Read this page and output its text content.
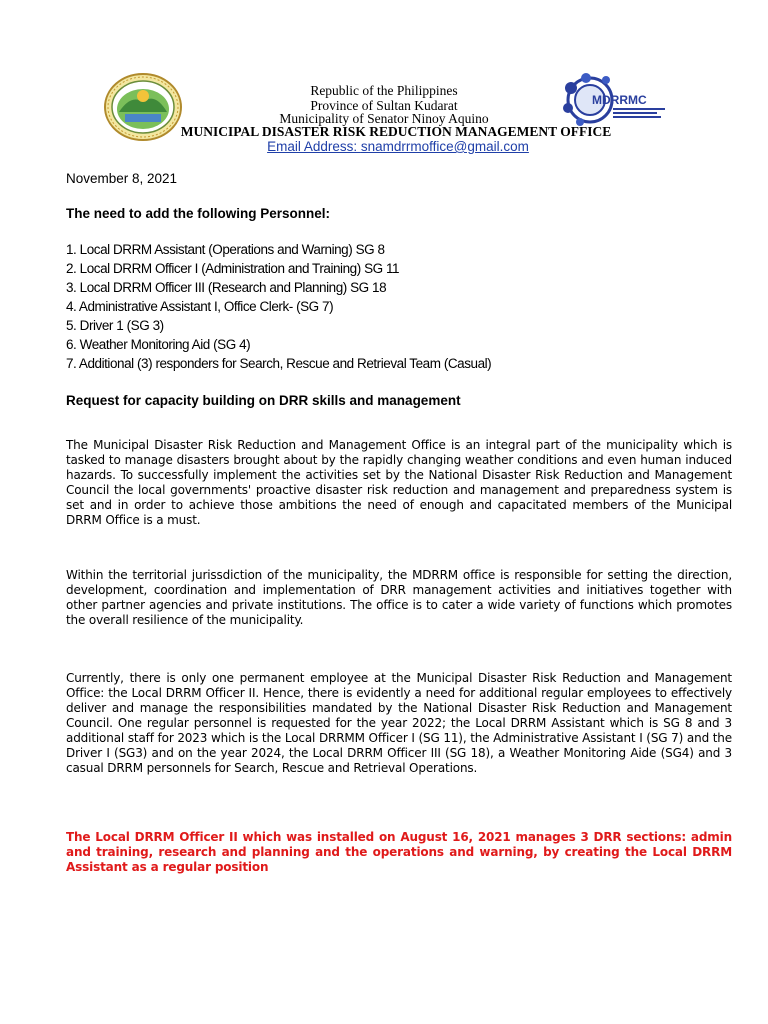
MDRRMC
Republic of the Philippines
Province of Sultan Kudarat
Municipality of Senator Ninoy Aquino
MUNICIPAL DISASTER RISK REDUCTION MANAGEMENT OFFICE
Email Address: snamdrrmoffice@gmail.com
November 8, 2021
The need to add the following Personnel:
1. Local DRRM Assistant (Operations and Warning) SG 8
2. Local DRRM Officer I (Administration and Training) SG 11
3. Local DRRM Officer III (Research and Planning) SG 18
4. Administrative Assistant I, Office Clerk- (SG 7)
5. Driver 1 (SG 3)
6. Weather Monitoring Aid (SG 4)
7. Additional (3) responders for Search, Rescue and Retrieval Team (Casual)
Request for capacity building on DRR skills and management

The Municipal Disaster Risk Reduction and Management Office is an integral part of the municipality which is tasked to manage disasters brought about by the rapidly changing weather conditions and even human induced hazards. To successfully implement the activities set by the National Disaster Risk Reduction and Management Council the local governments' proactive disaster risk reduction and management and preparedness system is set and in order to achieve those ambitions the need of enough and capacitated members of the Municipal DRRM Office is a must.

Within the territorial jurissdiction of the municipality, the MDRRM office is responsible for setting the direction, development, coordination and implementation of DRR management activities and initiatives together with other partner agencies and private institutions. The office is to cater a wide variety of functions which promotes the overall resilience of the municipality.

Currently, there is only one permanent employee at the Municipal Disaster Risk Reduction and Management Office: the Local DRRM Officer II. Hence, there is evidently a need for additional regular employees to effectively deliver and manage the responsibilities mandated by the National Disaster Risk Reduction and Management Council. One regular personnel is requested for the year 2022; the Local DRRM Assistant which is SG 8 and 3 additional staff for 2023 which is the Local DRRMM Officer I (SG 11), the Administrative Assistant I (SG 7) and the Driver I (SG3) and on the year 2024, the Local DRRM Officer III (SG 18), a Weather Monitoring Aide (SG4) and 3 casual DRRM personnels for Search, Rescue and Retrieval Operations.

The Local DRRM Officer II which was installed on August 16, 2021 manages 3 DRR sections: admin and training, research and planning and the operations and warning, by creating the Local DRRM Assistant as a regular position
